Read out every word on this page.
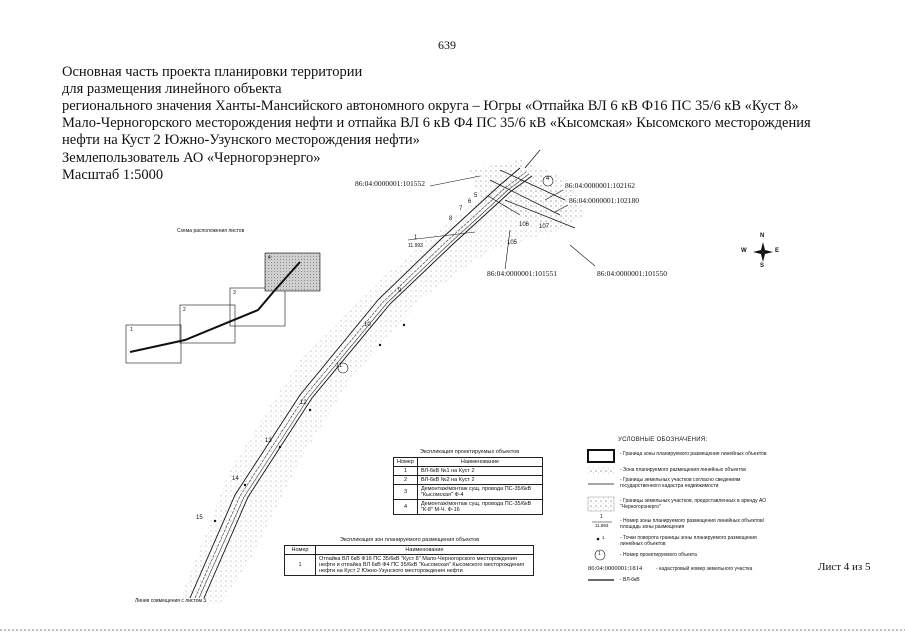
639
Основная часть проекта планировки территории
для размещения линейного объекта
регионального значения Ханты-Мансийского автономного округа – Югры «Отпайка ВЛ 6 кВ Ф16 ПС 35/6 кВ «Куст 8»
Мало-Черногорского месторождения нефти и отпайка ВЛ 6 кВ Ф4 ПС 35/6 кВ «Кысомская» Кысомского месторождения
нефти на Куст 2 Южно-Узунского месторождения нефти»
Землепользователь АО «Черногорэнерго»
Масштаб 1:5000
86:04:0000001:101552	86:04:0000001:102162
86:04:0000001:102180
86:04:0000001:101551	86:04:0000001:101550
1
11.993
4
5
6
7
8
9
10
11
12
13
14
15
105
106 107
N
S
E
W
Схема расположения листов
1
2
3
4
Экспликация проектируемых объектов
Номер	Наименование
1	ВЛ-6кВ №1 на Куст 2
2	ВЛ-6кВ №2 на Куст 2
3	Демонтаж/монтаж сущ. провода ПС-35/6кВ "Кысомская" Ф-4
4	Демонтаж/монтаж сущ. провода ПС-35/6кВ "К-8" М-Ч. Ф-16
Экспликация зон планируемого размещения объектов
Номер	Наименование
1	Отпайка ВЛ 6кВ Ф16 ПС 35/6кВ "Куст 8" Мало-Черногорского месторождения нефти и отпайка ВЛ 6кВ Ф4 ПС 35/6кВ "Кысомская" Кысомского месторождения нефти на Куст 2 Южно-Узунского месторождения нефти
УСЛОВНЫЕ ОБОЗНАЧЕНИЯ:
- Граница зоны планируемого размещения линейных объектов
- Зона планируемого размещения линейных объектов
- Границы земельных участков согласно сведениям государственного кадастра недвижимости
- Границы земельных участков, предоставленных в аренду АО "Черногорэнерго"
- Номер зоны планируемого размещения линейных объектов/площадь зоны размещения
- Точки поворота границы зоны планируемого размещения линейных объектов
- Номер проектируемого объекта
- кадастровый номер земельного участка
- ВЛ-6кВ
86:04:0000001:1814
1
11.993
1
1
Лист 4 из 5
Линия совмещения с листом 3
